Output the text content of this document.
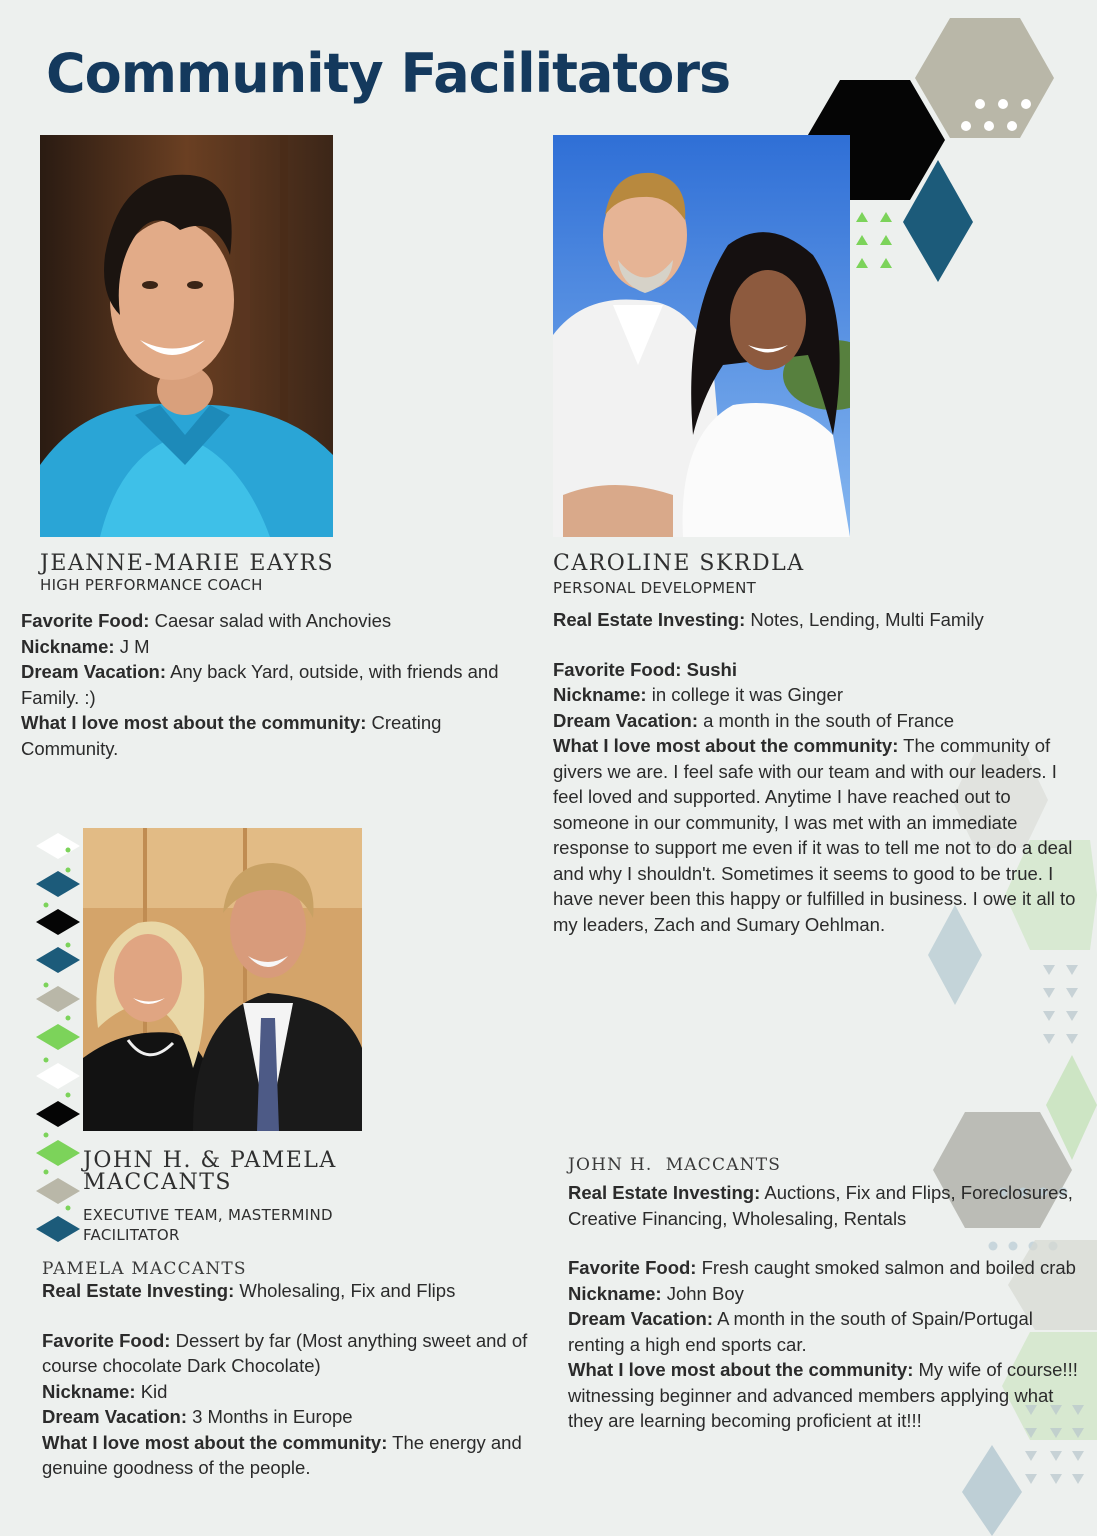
Community Facilitators
JEANNE-MARIE EAYRS
HIGH PERFORMANCE COACH

Favorite Food: Caesar salad with Anchovies

Nickname: J M

Dream Vacation: Any back Yard, outside, with friends and Family. :)

What I love most about the community: Creating Community.

CAROLINE SKRDLA
PERSONAL DEVELOPMENT

Real Estate Investing: Notes, Lending, Multi Family

Favorite Food: Sushi

Nickname: in college it was Ginger

Dream Vacation: a month in the south of France

What I love most about the community: The community of givers we are. I feel safe with our team and with our leaders. I feel loved and supported. Anytime I have reached out to someone in our community, I was met with an immediate response to support me even if it was to tell me not to do a deal and why I shouldn't. Sometimes it seems to good to be true. I have never been this happy or fulfilled in business. I owe it all to my leaders, Zach and Sumary Oehlman.

JOHN H. & PAMELA
MACCANTS
EXECUTIVE TEAM, MASTERMIND
FACILITATOR
PAMELA MACCANTS

Real Estate Investing: Wholesaling, Fix and Flips

Favorite Food: Dessert by far (Most anything sweet and of course chocolate Dark Chocolate)

Nickname: Kid

Dream Vacation: 3 Months in Europe

What I love most about the community: The energy and genuine goodness of the people.

JOHN H.  MACCANTS

Real Estate Investing: Auctions, Fix and Flips, Foreclosures, Creative Financing, Wholesaling, Rentals

Favorite Food: Fresh caught smoked salmon and boiled crab

Nickname: John Boy

Dream Vacation: A month in the south of Spain/Portugal renting a high end sports car.

What I love most about the community: My wife of course!!! witnessing beginner and advanced members applying what they are learning becoming proficient at it!!!
